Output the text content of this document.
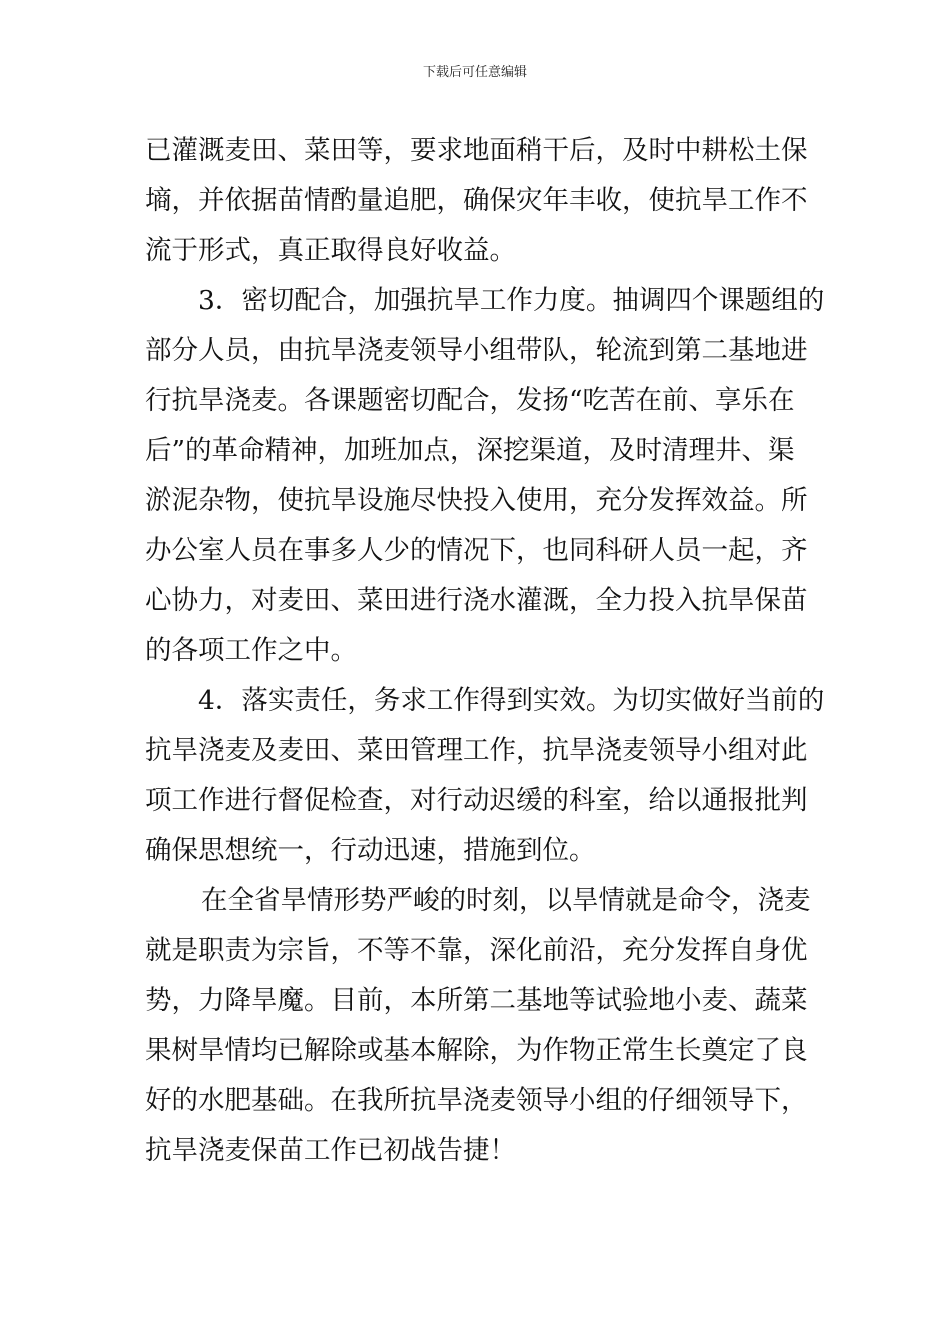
下载后可任意编辑
已灌溉麦田、菜田等，要求地面稍干后，及时中耕松土保
墒，并依据苗情酌量追肥，确保灾年丰收，使抗旱工作不
流于形式，真正取得良好收益。
3．密切配合，加强抗旱工作力度。抽调四个课题组的
部分人员，由抗旱浇麦领导小组带队，轮流到第二基地进
行抗旱浇麦。各课题密切配合，发扬“吃苦在前、享乐在
后”的革命精神，加班加点，深挖渠道，及时清理井、渠
淤泥杂物，使抗旱设施尽快投入使用，充分发挥效益。所
办公室人员在事多人少的情况下，也同科研人员一起，齐
心协力，对麦田、菜田进行浇水灌溉，全力投入抗旱保苗
的各项工作之中。
4．落实责任，务求工作得到实效。为切实做好当前的
抗旱浇麦及麦田、菜田管理工作，抗旱浇麦领导小组对此
项工作进行督促检查，对行动迟缓的科室，给以通报批判
确保思想统一，行动迅速，措施到位。
在全省旱情形势严峻的时刻，以旱情就是命令，浇麦
就是职责为宗旨，不等不靠，深化前沿，充分发挥自身优
势，力降旱魔。目前，本所第二基地等试验地小麦、蔬菜
果树旱情均已解除或基本解除，为作物正常生长奠定了良
好的水肥基础。在我所抗旱浇麦领导小组的仔细领导下，
抗旱浇麦保苗工作已初战告捷！
